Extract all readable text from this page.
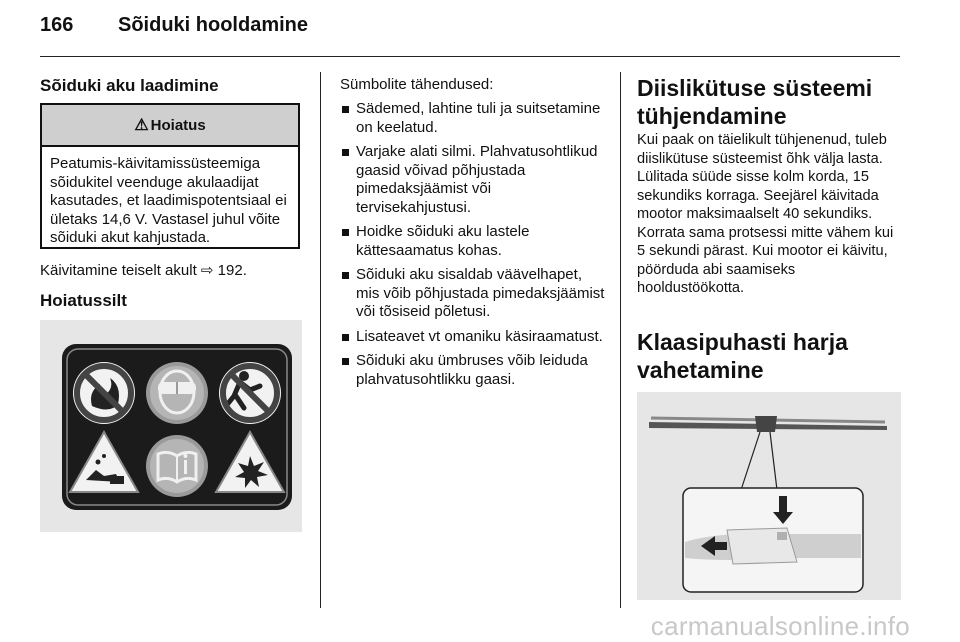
166 Sõiduki hooldamine
Sõiduki aku laadimine
⚠ Hoiatus
Peatumis-käivitamissüsteemiga sõidukitel veenduge akulaadijat kasutades, et laadimispotentsiaal ei ületaks 14,6 V. Vastasel juhul võite sõiduki akut kahjustada.
Käivitamine teiselt akult ⇨ 192.
Hoiatussilt
Sümbolite tähendused:
Sädemed, lahtine tuli ja suitsetamine on keelatud.
Varjake alati silmi. Plahvatusohtlikud gaasid võivad põhjustada pimedaksjäämist või tervisekahjustusi.
Hoidke sõiduki aku lastele kättesaamatus kohas.
Sõiduki aku sisaldab väävelhapet, mis võib põhjustada pimedaksjäämist või tõsiseid põletusi.
Lisateavet vt omaniku käsiraamatust.
Sõiduki aku ümbruses võib leiduda plahvatusohtlikku gaasi.
Diislikütuse süsteemi tühjendamine
Kui paak on täielikult tühjenenud, tuleb diislikütuse süsteemist õhk välja lasta. Lülitada süüde sisse kolm korda, 15 sekundiks korraga. Seejärel käivitada mootor maksimaalselt 40 sekundiks. Korrata sama protsessi mitte vähem kui 5 sekundi pärast. Kui mootor ei käivitu, pöörduda abi saamiseks hooldustöökotta.
Klaasipuhasti harja vahetamine
carmanualsonline.info
